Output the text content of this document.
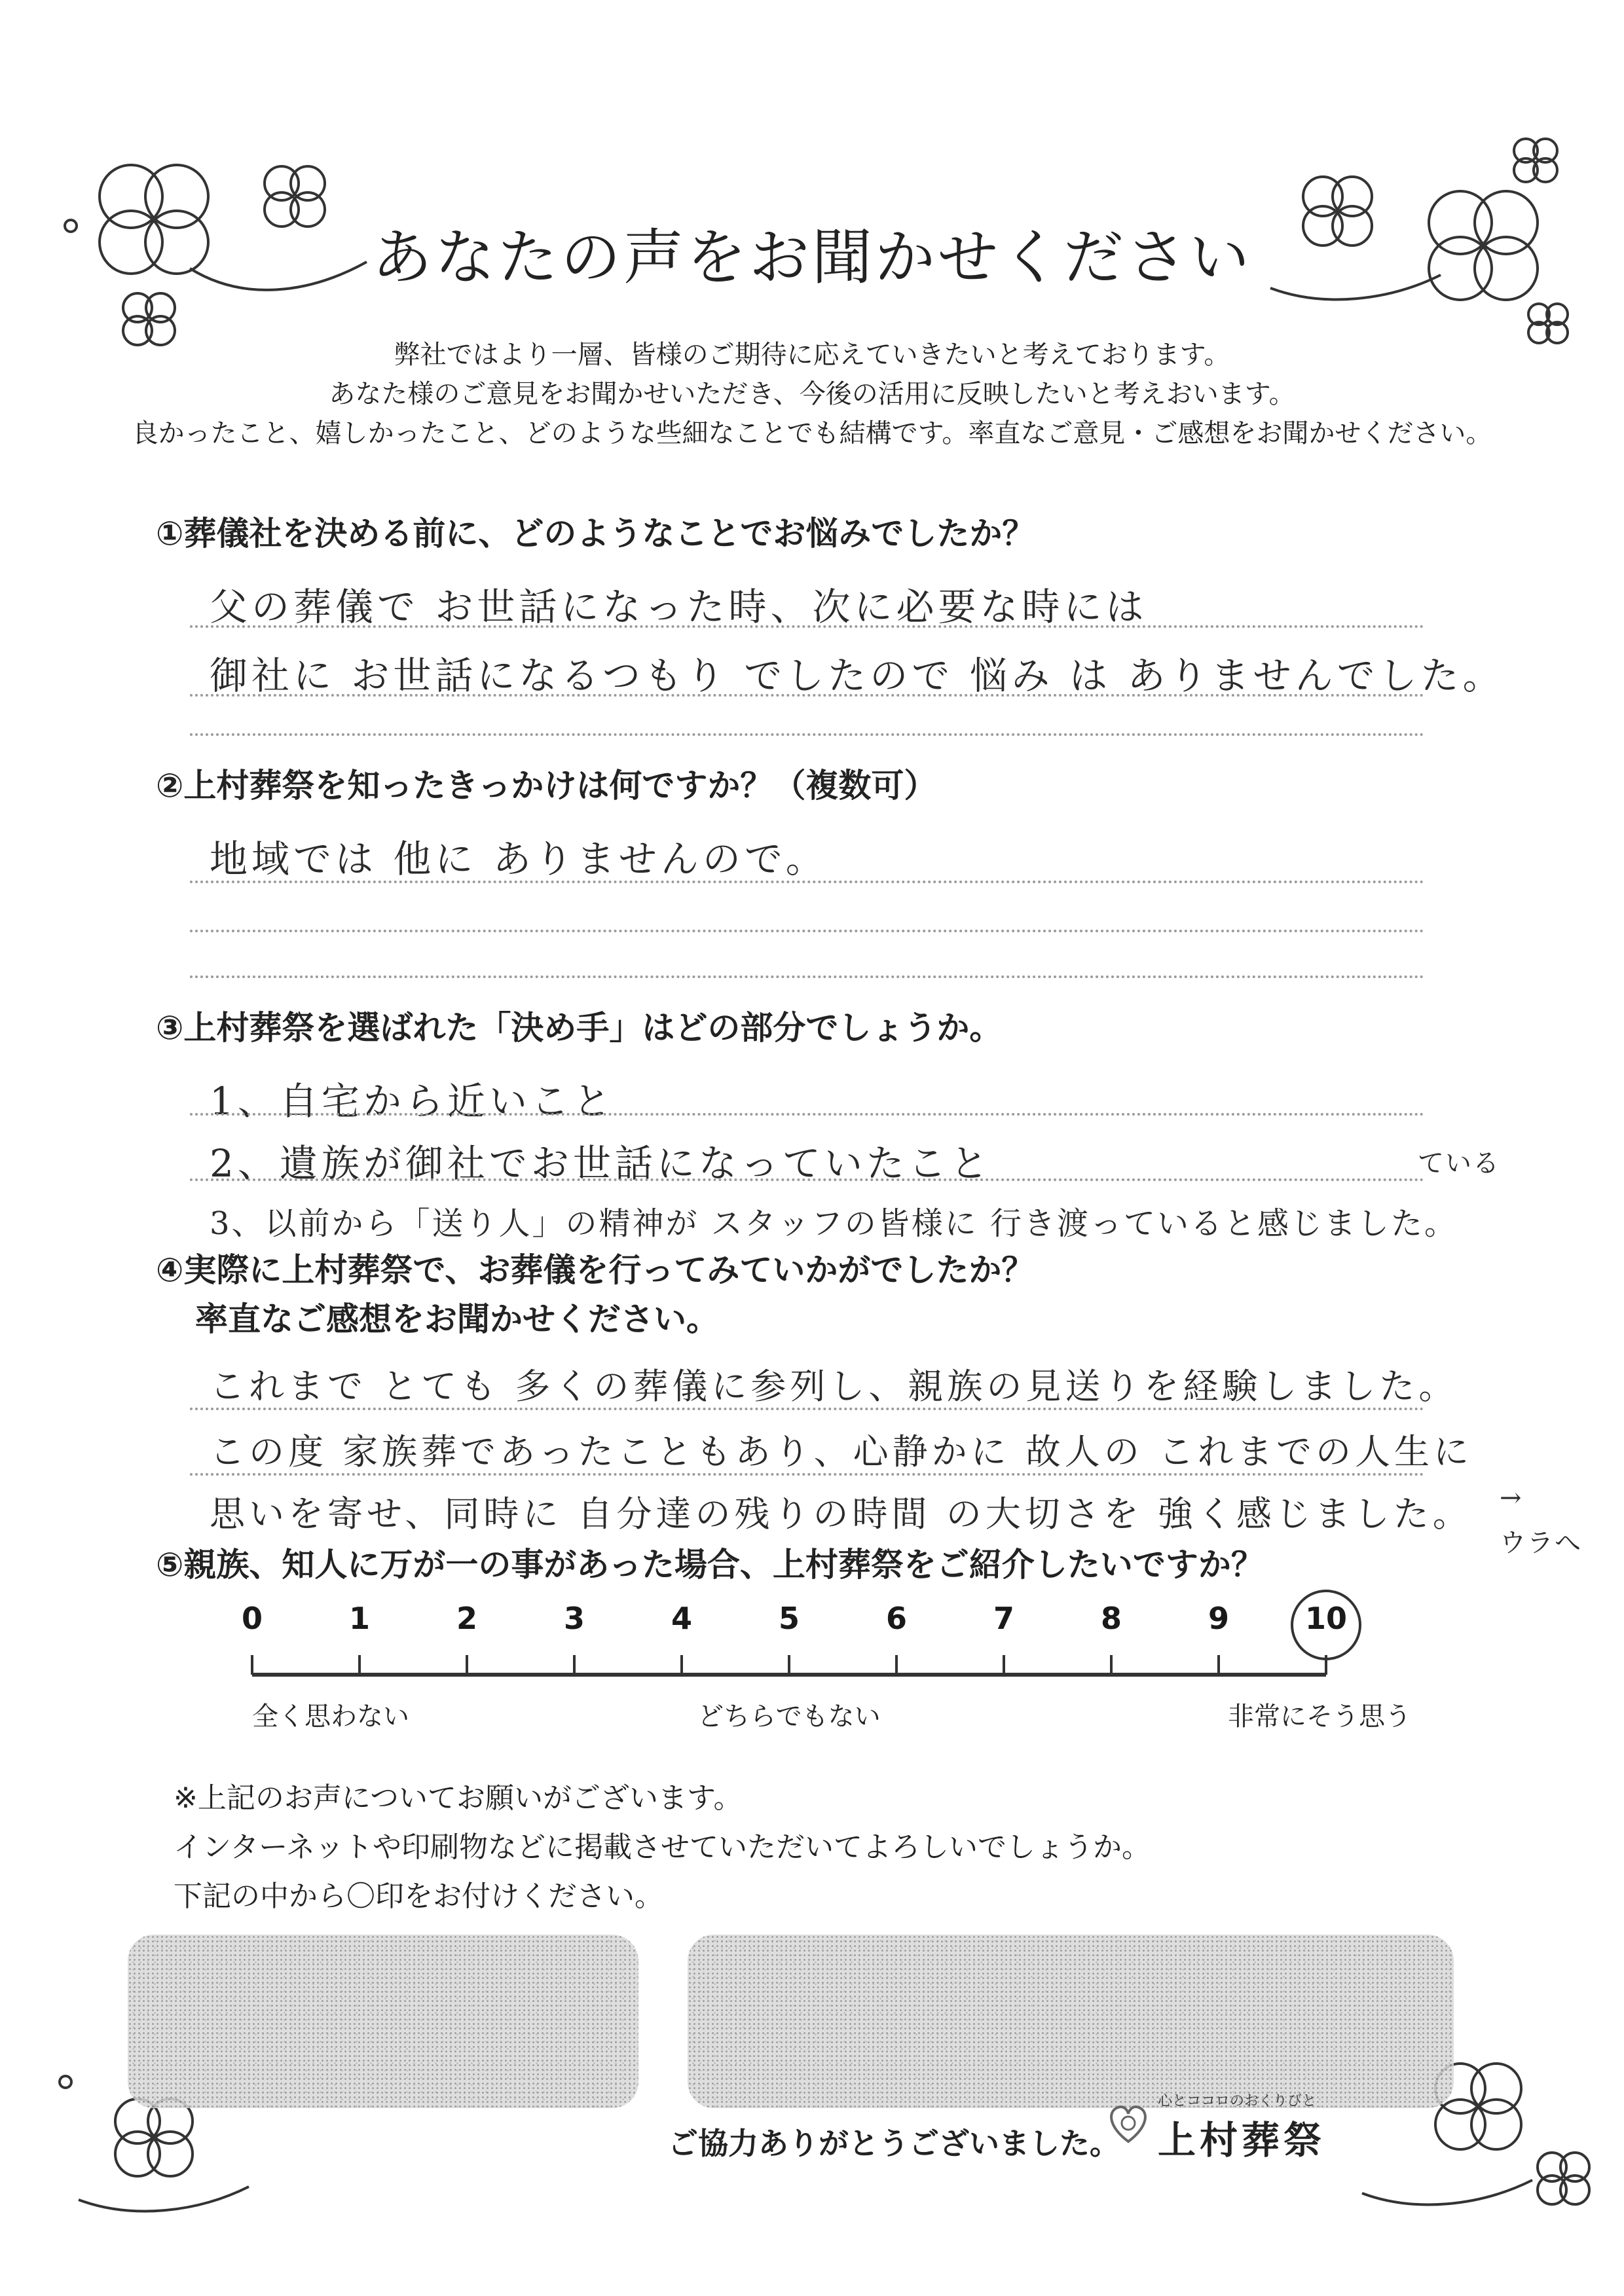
あなたの声をお聞かせください
弊社ではより一層、皆様のご期待に応えていきたいと考えております。
あなた様のご意見をお聞かせいただき、今後の活用に反映したいと考えおいます。
良かったこと、嬉しかったこと、どのような些細なことでも結構です。率直なご意見・ご感想をお聞かせください。
①葬儀社を決める前に、どのようなことでお悩みでしたか？
父の葬儀で お世話になった時、次に必要な時には
御社に お世話になるつもり でしたので 悩み は ありませんでした。
②上村葬祭を知ったきっかけは何ですか？（複数可）
地域では 他に ありませんので。
③上村葬祭を選ばれた「決め手」はどの部分でしょうか。
1、自宅から近いこと
2、遺族が御社でお世話になっていたこと
3、以前から「送り人」の精神が スタッフの皆様に 行き渡っていると感じました。
ている
④実際に上村葬祭で、お葬儀を行ってみていかがでしたか？
率直なご感想をお聞かせください。
これまで とても 多くの葬儀に参列し、親族の見送りを経験しました。
この度 家族葬であったこともあり、心静かに 故人の これまでの人生に
思いを寄せ、同時に 自分達の残りの時間 の大切さを 強く感じました。 →
ウラへ
⑤親族、知人に万が一の事があった場合、上村葬祭をご紹介したいですか？
0	1	2	3	4	5	6	7	8	9	10
全く思わない	どちらでもない	非常にそう思う
※上記のお声についてお願いがございます。
インターネットや印刷物などに掲載させていただいてよろしいでしょうか。
下記の中から〇印をお付けください。
ご協力ありがとうございました。
心とココロのおくりびと
上村葬祭
